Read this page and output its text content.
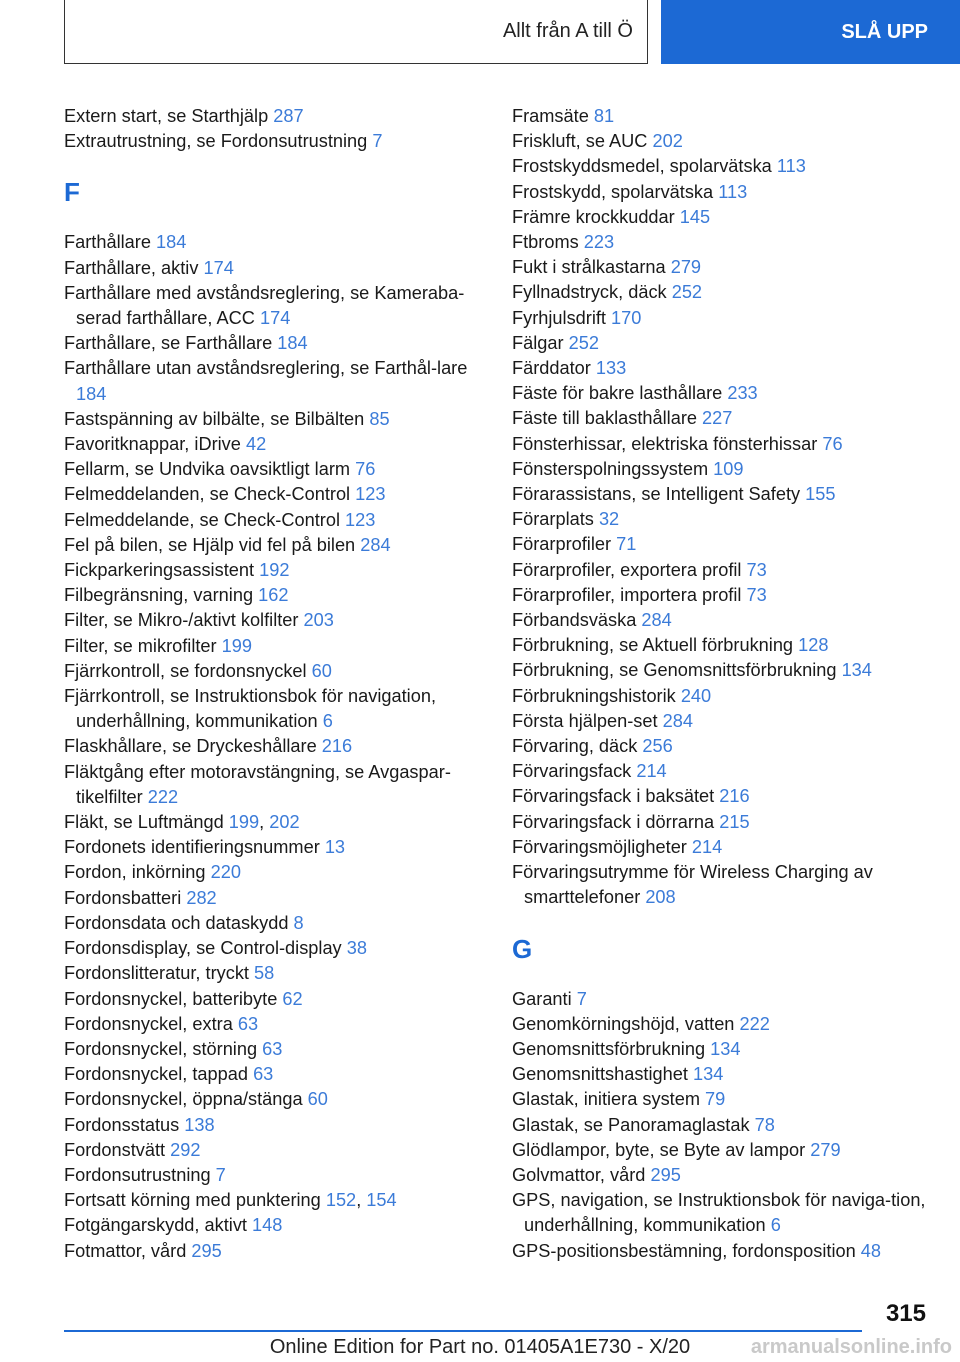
Allt från A till Ö	SLÅ UPP
Extern start, se Starthjälp 287
Extrautrustning, se Fordonsutrustning 7
F
Farthållare 184
Farthållare, aktiv 174
Farthållare med avståndsreglering, se Kameraba-serad farthållare, ACC 174
Farthållare, se Farthållare 184
Farthållare utan avståndsreglering, se Farthål-lare 184
Fastspänning av bilbälte, se Bilbälten 85
Favoritknappar, iDrive 42
Fellarm, se Undvika oavsiktligt larm 76
Felmeddelanden, se Check-Control 123
Felmeddelande, se Check-Control 123
Fel på bilen, se Hjälp vid fel på bilen 284
Fickparkeringsassistent 192
Filbegränsning, varning 162
Filter, se Mikro-/aktivt kolfilter 203
Filter, se mikrofilter 199
Fjärrkontroll, se fordonsnyckel 60
Fjärrkontroll, se Instruktionsbok för navigation, underhållning, kommunikation 6
Flaskhållare, se Dryckeshållare 216
Fläktgång efter motoravstängning, se Avgaspar-tikelfilter 222
Fläkt, se Luftmängd 199, 202
Fordonets identifieringsnummer 13
Fordon, inkörning 220
Fordonsbatteri 282
Fordonsdata och dataskydd 8
Fordonsdisplay, se Control-display 38
Fordonslitteratur, tryckt 58
Fordonsnyckel, batteribyte 62
Fordonsnyckel, extra 63
Fordonsnyckel, störning 63
Fordonsnyckel, tappad 63
Fordonsnyckel, öppna/stänga 60
Fordonsstatus 138
Fordonstvätt 292
Fordonsutrustning 7
Fortsatt körning med punktering 152, 154
Fotgängarskydd, aktivt 148
Fotmattor, vård 295
Framsäte 81
Friskluft, se AUC 202
Frostskyddsmedel, spolarvätska 113
Frostskydd, spolarvätska 113
Främre krockkuddar 145
Ftbroms 223
Fukt i strålkastarna 279
Fyllnadstryck, däck 252
Fyrhjulsdrift 170
Fälgar 252
Färddator 133
Fäste för bakre lasthållare 233
Fäste till baklasthållare 227
Fönsterhissar, elektriska fönsterhissar 76
Fönsterspolningssystem 109
Förarassistans, se Intelligent Safety 155
Förarplats 32
Förarprofiler 71
Förarprofiler, exportera profil 73
Förarprofiler, importera profil 73
Förbandsväska 284
Förbrukning, se Aktuell förbrukning 128
Förbrukning, se Genomsnittsförbrukning 134
Förbrukningshistorik 240
Första hjälpen-set 284
Förvaring, däck 256
Förvaringsfack 214
Förvaringsfack i baksätet 216
Förvaringsfack i dörrarna 215
Förvaringsmöjligheter 214
Förvaringsutrymme för Wireless Charging av smarttelefoner 208
G
Garanti 7
Genomkörningshöjd, vatten 222
Genomsnittsförbrukning 134
Genomsnittshastighet 134
Glastak, initiera system 79
Glastak, se Panoramaglastak 78
Glödlampor, byte, se Byte av lampor 279
Golvmattor, vård 295
GPS, navigation, se Instruktionsbok för naviga-tion, underhållning, kommunikation 6
GPS-positionsbestämning, fordonsposition 48
315
Online Edition for Part no. 01405A1E730 - X/20	armanualsonline.info
